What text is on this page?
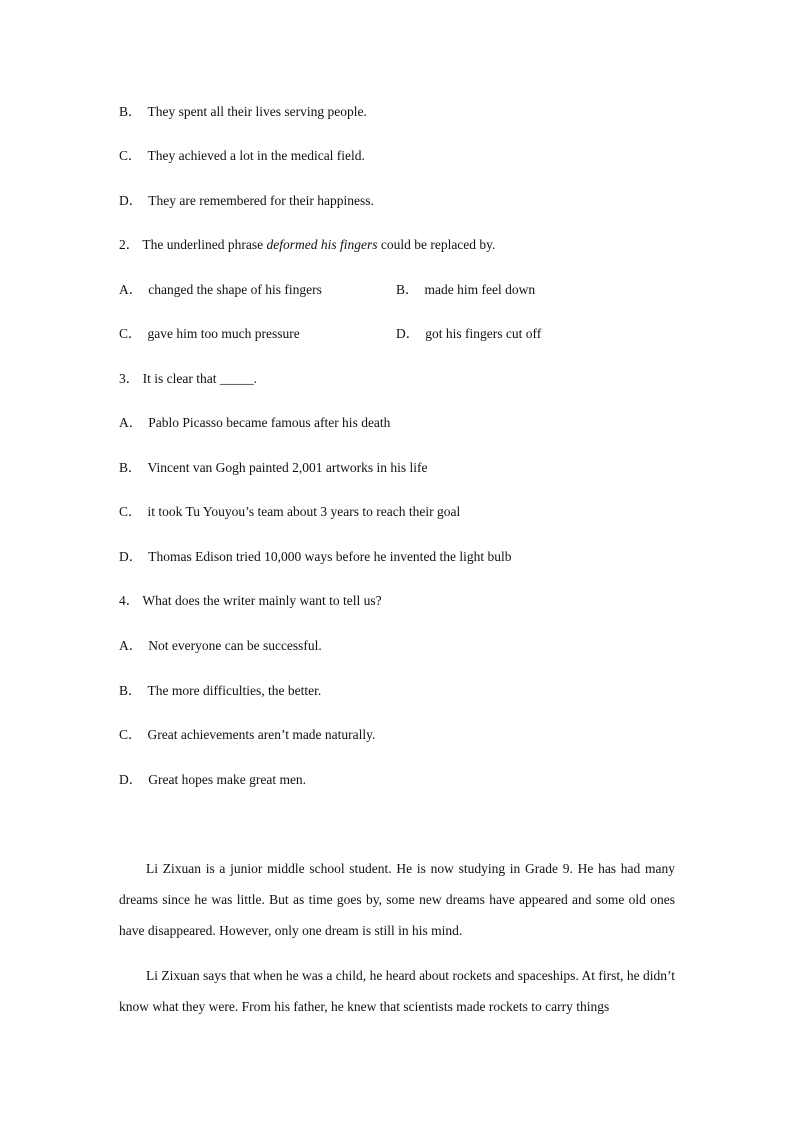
B． They spent all their lives serving people.
C． They achieved a lot in the medical field.
D． They are remembered for their happiness.
2． The underlined phrase deformed his fingers could be replaced by.
A． changed the shape of his fingers	B． made him feel down
C． gave him too much pressure	D． got his fingers cut off
3． It is clear that _____.
A． Pablo Picasso became famous after his death
B． Vincent van Gogh painted 2,001 artworks in his life
C． it took Tu Youyou’s team about 3 years to reach their goal
D． Thomas Edison tried 10,000 ways before he invented the light bulb
4． What does the writer mainly want to tell us?
A． Not everyone can be successful.
B． The more difficulties, the better.
C． Great achievements aren’t made naturally.
D． Great hopes make great men.
Li Zixuan is a junior middle school student. He is now studying in Grade 9. He has had many dreams since he was little. But as time goes by, some new dreams have appeared and some old ones have disappeared. However, only one dream is still in his mind.
Li Zixuan says that when he was a child, he heard about rockets and spaceships. At first, he didn’t know what they were. From his father, he knew that scientists made rockets to carry things
